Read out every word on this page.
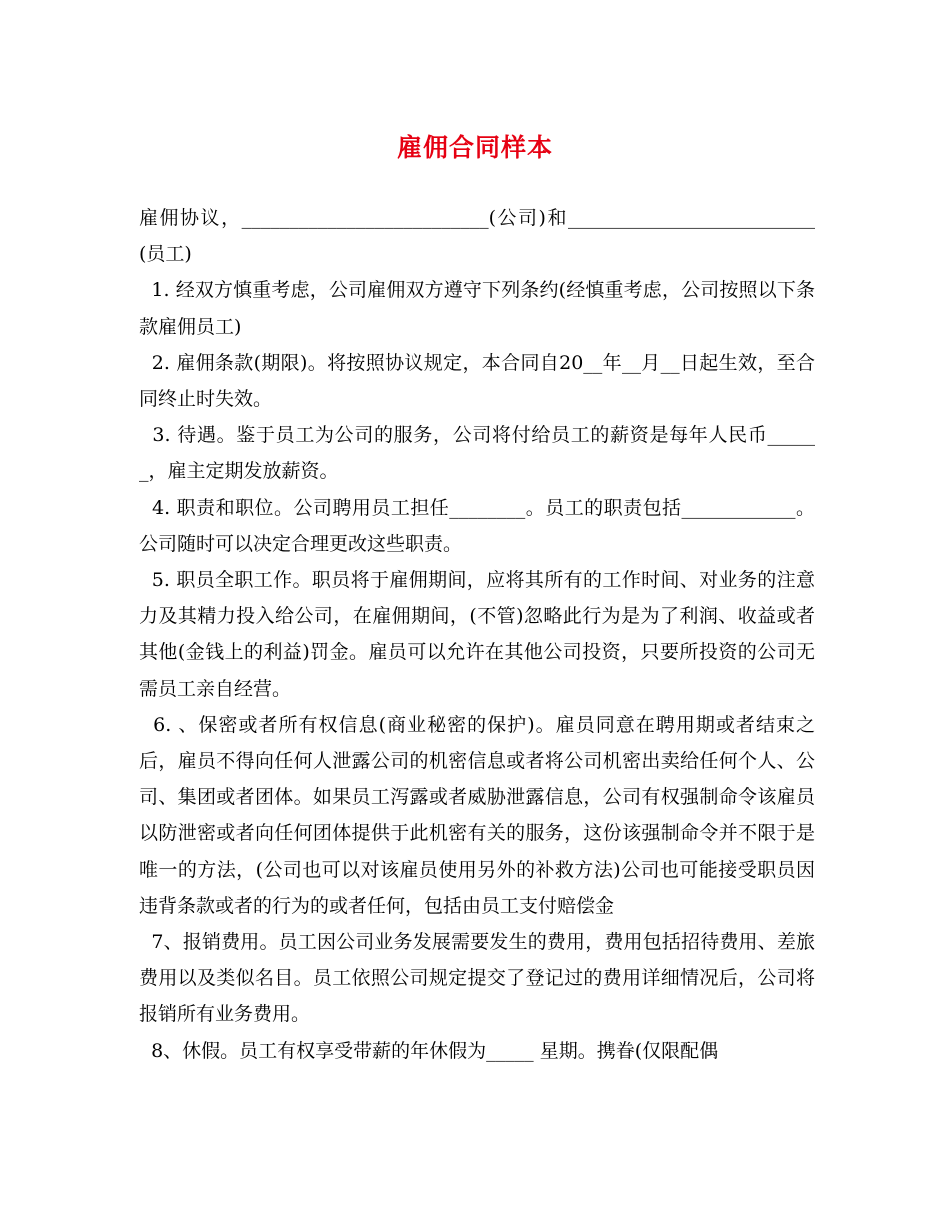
雇佣合同样本

雇佣协议，__________________________(公司)和__________________________(员工)

1. 经双方慎重考虑，公司雇佣双方遵守下列条约(经慎重考虑，公司按照以下条款雇佣员工)

2. 雇佣条款(期限)。将按照协议规定，本合同自20__年__月__日起生效，至合同终止时失效。

3. 待遇。鉴于员工为公司的服务，公司将付给员工的薪资是每年人民币______，雇主定期发放薪资。

4. 职责和职位。公司聘用员工担任________。员工的职责包括____________。公司随时可以决定合理更改这些职责。

5. 职员全职工作。职员将于雇佣期间，应将其所有的工作时间、对业务的注意力及其精力投入给公司，在雇佣期间，(不管)忽略此行为是为了利润、收益或者其他(金钱上的利益)罚金。雇员可以允许在其他公司投资，只要所投资的公司无需员工亲自经营。

6. 、保密或者所有权信息(商业秘密的保护)。雇员同意在聘用期或者结束之后，雇员不得向任何人泄露公司的机密信息或者将公司机密出卖给任何个人、公司、集团或者团体。如果员工泻露或者威胁泄露信息，公司有权强制命令该雇员以防泄密或者向任何团体提供于此机密有关的服务，这份该强制命令并不限于是唯一的方法，(公司也可以对该雇员使用另外的补救方法)公司也可能接受职员因违背条款或者的行为的或者任何，包括由员工支付赔偿金

7、报销费用。员工因公司业务发展需要发生的费用，费用包括招待费用、差旅费用以及类似名目。员工依照公司规定提交了登记过的费用详细情况后，公司将报销所有业务费用。

8、休假。员工有权享受带薪的年休假为_____ 星期。携眷(仅限配偶
